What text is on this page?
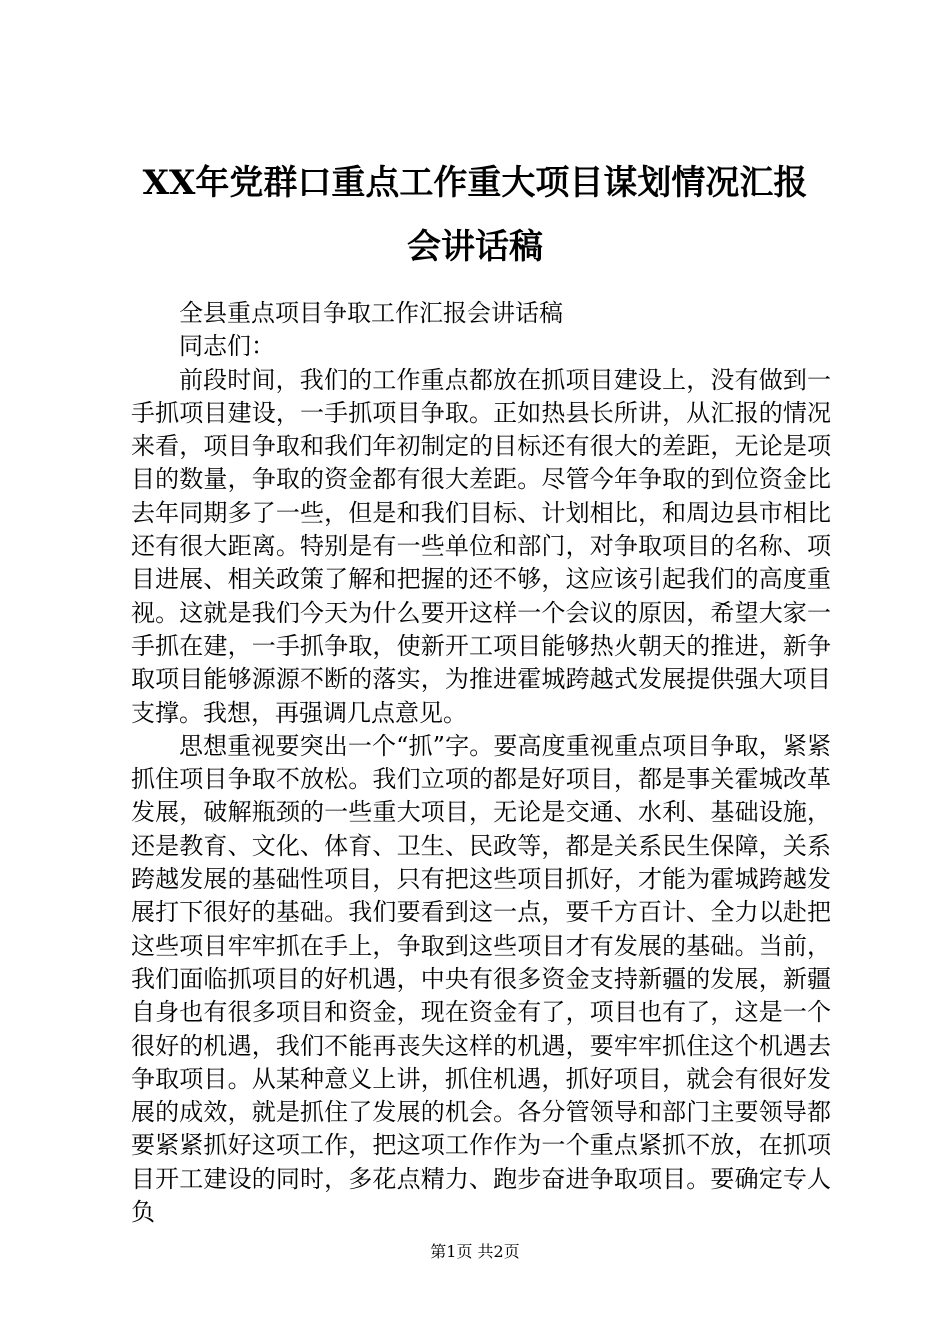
XX年党群口重点工作重大项目谋划情况汇报
会讲话稿

全县重点项目争取工作汇报会讲话稿

同志们：

前段时间，我们的工作重点都放在抓项目建设上，没有做到一手抓项目建设，一手抓项目争取。正如热县长所讲，从汇报的情况来看，项目争取和我们年初制定的目标还有很大的差距，无论是项目的数量，争取的资金都有很大差距。尽管今年争取的到位资金比去年同期多了一些，但是和我们目标、计划相比，和周边县市相比还有很大距离。特别是有一些单位和部门，对争取项目的名称、项目进展、相关政策了解和把握的还不够，这应该引起我们的高度重视。这就是我们今天为什么要开这样一个会议的原因，希望大家一手抓在建，一手抓争取，使新开工项目能够热火朝天的推进，新争取项目能够源源不断的落实，为推进霍城跨越式发展提供强大项目支撑。我想，再强调几点意见。

思想重视要突出一个“抓”字。要高度重视重点项目争取，紧紧抓住项目争取不放松。我们立项的都是好项目，都是事关霍城改革发展，破解瓶颈的一些重大项目，无论是交通、水利、基础设施，还是教育、文化、体育、卫生、民政等，都是关系民生保障，关系跨越发展的基础性项目，只有把这些项目抓好，才能为霍城跨越发展打下很好的基础。我们要看到这一点，要千方百计、全力以赴把这些项目牢牢抓在手上，争取到这些项目才有发展的基础。当前，我们面临抓项目的好机遇，中央有很多资金支持新疆的发展，新疆自身也有很多项目和资金，现在资金有了，项目也有了，这是一个很好的机遇，我们不能再丧失这样的机遇，要牢牢抓住这个机遇去争取项目。从某种意义上讲，抓住机遇，抓好项目，就会有很好发展的成效，就是抓住了发展的机会。各分管领导和部门主要领导都要紧紧抓好这项工作，把这项工作作为一个重点紧抓不放，在抓项目开工建设的同时，多花点精力、跑步奋进争取项目。要确定专人负

第1页 共2页
